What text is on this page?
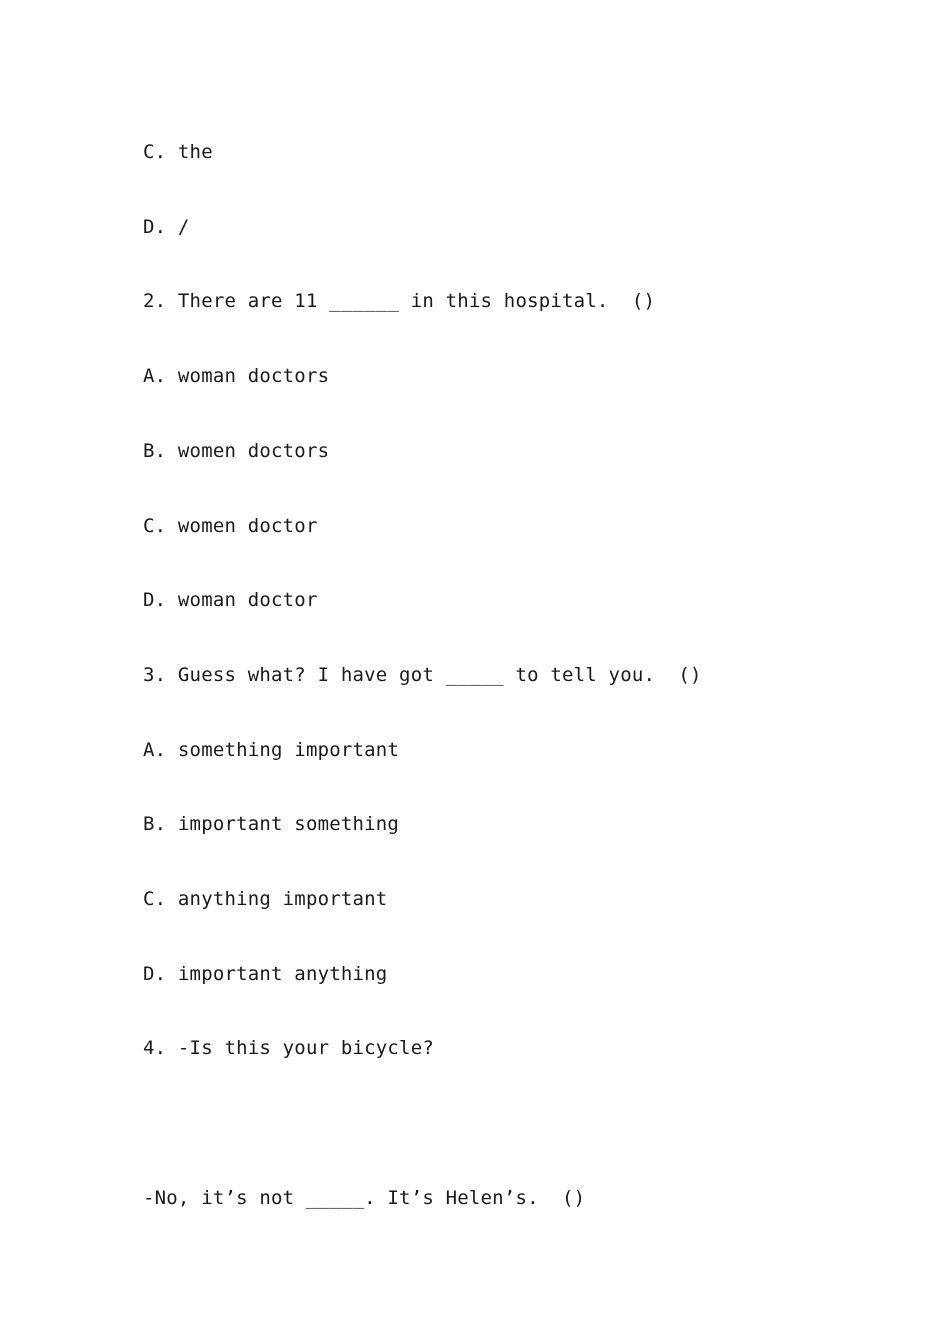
C. the
D. /
2. There are 11 ______ in this hospital.  ()
A. woman doctors
B. women doctors
C. women doctor
D. woman doctor
3. Guess what? I have got _____ to tell you.  ()
A. something important
B. important something
C. anything important
D. important anything
4. -Is this your bicycle?
-No, it’s not _____. It’s Helen’s.  ()
